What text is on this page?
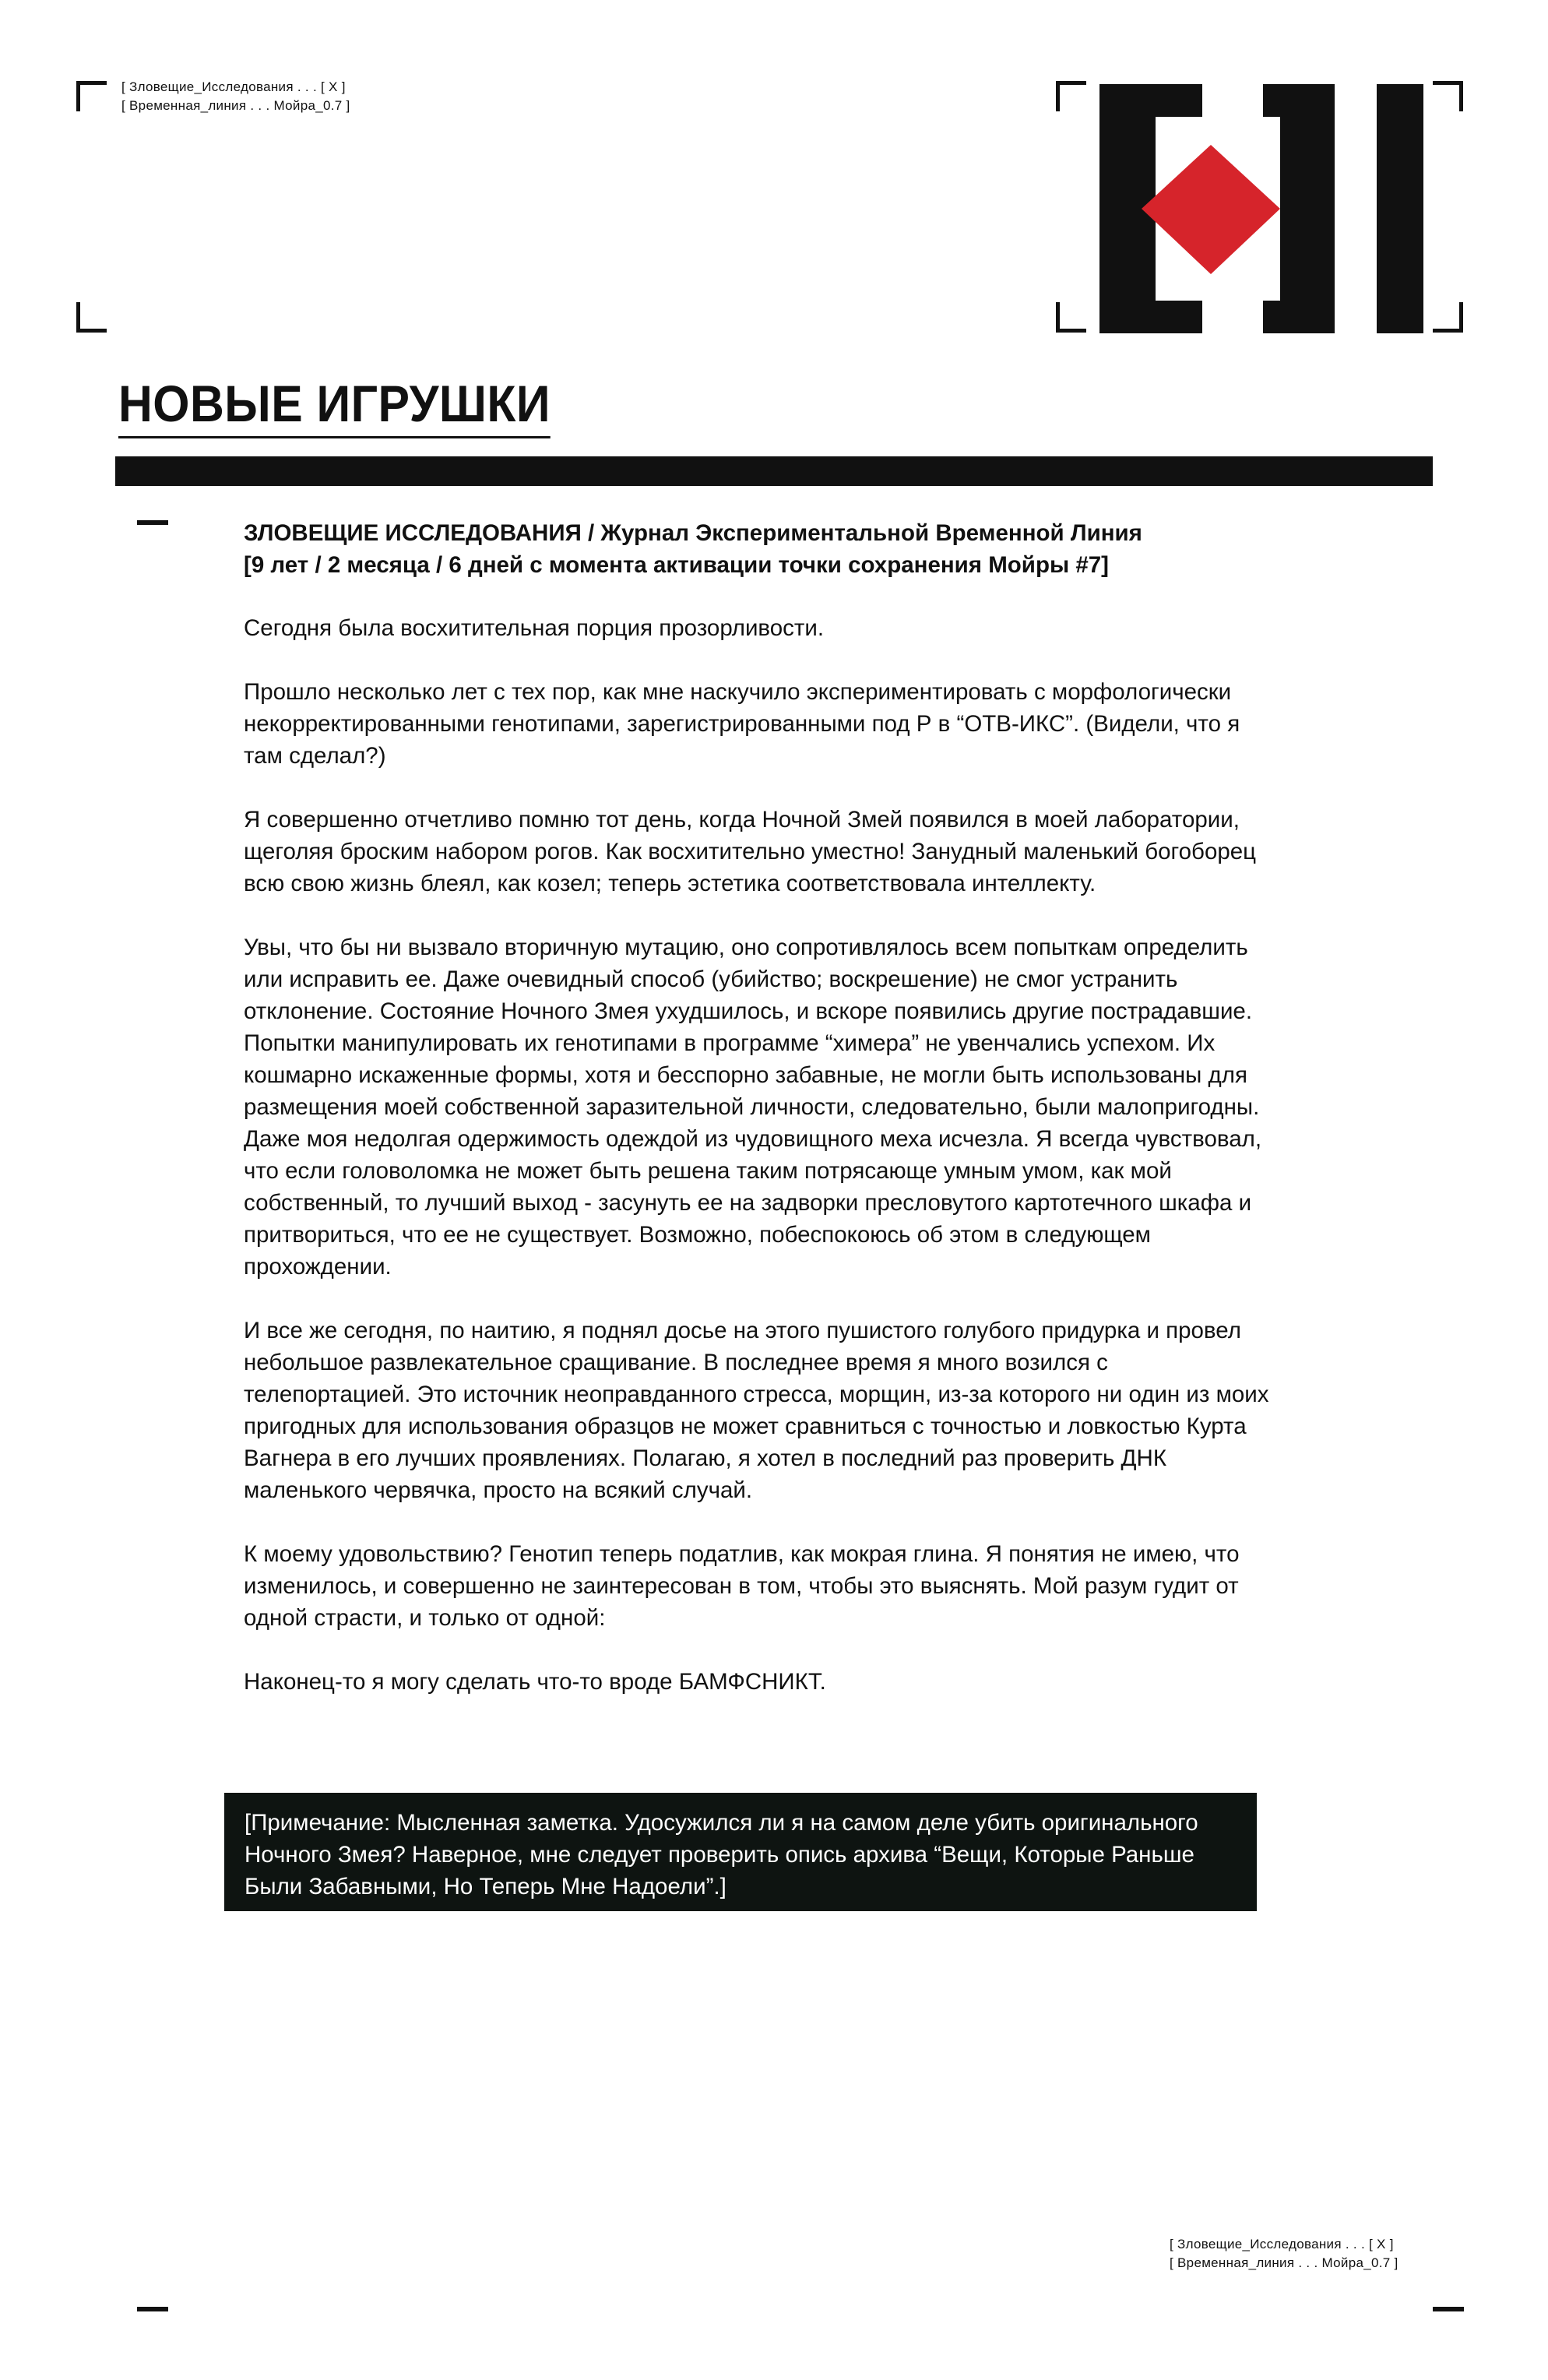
[ Зловещие_Исследования . . . [ X ]
[ Временная_линия . . . Мойра_0.7 ]
НОВЫЕ ИГРУШКИ
ЗЛОВЕЩИЕ ИССЛЕДОВАНИЯ / Журнал Экспериментальной Временной Линия
[9 лет / 2 месяца / 6 дней с момента активации точки сохранения Мойры #7]

Сегодня была восхитительная порция прозорливости.

Прошло несколько лет с тех пор, как мне наскучило экспериментировать с морфологически некорректированными генотипами, зарегистрированными под Р в “ОТВ-ИКС”. (Видели, что я там сделал?)

Я совершенно отчетливо помню тот день, когда Ночной Змей появился в моей лаборатории, щеголяя броским набором рогов. Как восхитительно уместно! Занудный маленький богоборец всю свою жизнь блеял, как козел; теперь эстетика соответствовала интеллекту.

Увы, что бы ни вызвало вторичную мутацию, оно сопротивлялось всем попыткам определить или исправить ее. Даже очевидный способ (убийство; воскрешение) не смог устранить отклонение. Состояние Ночного Змея ухудшилось, и вскоре появились другие пострадавшие. Попытки манипулировать их генотипами в программе “химера” не увенчались успехом. Их кошмарно искаженные формы, хотя и бесспорно забавные, не могли быть использованы для размещения моей собственной заразительной личности, следовательно, были малопригодны. Даже моя недолгая одержимость одеждой из чудовищного меха исчезла. Я всегда чувствовал, что если головоломка не может быть решена таким потрясающе умным умом, как мой собственный, то лучший выход - засунуть ее на задворки пресловутого картотечного шкафа и притвориться, что ее не существует. Возможно, побеспокоюсь об этом в следующем прохождении.

И все же сегодня, по наитию, я поднял досье на этого пушистого голубого придурка и провел небольшое развлекательное сращивание. В последнее время я много возился с телепортацией. Это источник неоправданного стресса, морщин, из-за которого ни один из моих пригодных для использования образцов не может сравниться с точностью и ловкостью Курта Вагнера в его лучших проявлениях. Полагаю, я хотел в последний раз проверить ДНК маленького червячка, просто на всякий случай.

К моему удовольствию? Генотип теперь податлив, как мокрая глина. Я понятия не имею, что изменилось, и совершенно не заинтересован в том, чтобы это выяснять. Мой разум гудит от одной страсти, и только от одной:

Наконец-то я могу сделать что-то вроде БАМФСНИКТ.

[Примечание: Мысленная заметка. Удосужился ли я на самом деле убить оригинального Ночного Змея? Наверное, мне следует проверить опись архива “Вещи, Которые Раньше Были Забавными, Но Теперь Мне Надоели”.]
[ Зловещие_Исследования . . . [ X ]
[ Временная_линия . . . Мойра_0.7 ]
